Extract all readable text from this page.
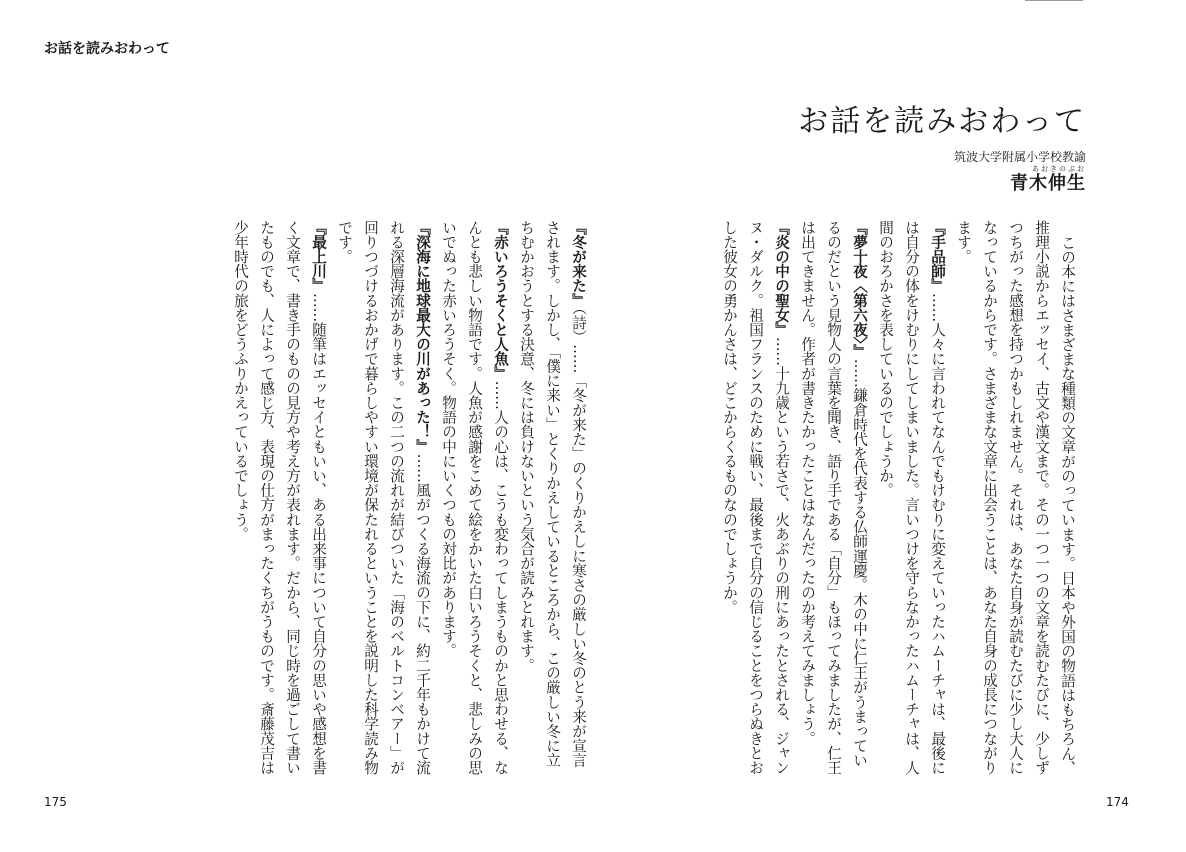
お話を読みおわって
お話を読みおわって
筑波大学附属小学校教諭
あおきのぶお
青木伸生

この本にはさまざまな種類の文章がのっています。日本や外国の物語はもちろん、推理小説からエッセイ、古文や漢文まで。その一つ一つの文章を読むたびに、少しずつちがった感想を持つかもしれません。それは、あなた自身が読むたびに少し大人になっているからです。さまざまな文章に出会うことは、あなた自身の成長につながります。

『手品師』……人々に言われてなんでもけむりに変えていったハムーチャは、最後には自分の体をけむりにしてしまいました。言いつけを守らなかったハムーチャは、人間のおろかさを表しているのでしょうか。

『夢十夜〈第六夜〉』……鎌倉時代を代表する仏師運慶。木の中に仁王がうまっているのだという見物人の言葉を聞き、語り手である「自分」もほってみましたが、仁王は出てきません。作者が書きたかったことはなんだったのか考えてみましょう。

『炎の中の聖女』……十九歳という若さで、火あぶりの刑にあったとされる、ジャンヌ・ダルク。祖国フランスのために戦い、最後まで自分の信じることをつらぬきとおした彼女の勇かんさは、どこからくるものなのでしょうか。

『冬が来た』（詩）……「冬が来た」のくりかえしに寒さの厳しい冬のとう来が宣言されます。しかし、「僕に来い」とくりかえしているところから、この厳しい冬に立ちむかおうとする決意、冬には負けないという気合が読みとれます。

『赤いろうそくと人魚』……人の心は、こうも変わってしまうものかと思わせる、なんとも悲しい物語です。人魚が感謝をこめて絵をかいた白いろうそくと、悲しみの思いでぬった赤いろうそく。物語の中にいくつもの対比があります。

『深海に地球最大の川があった！』……風がつくる海流の下に、約二千年もかけて流れる深層海流があります。この二つの流れが結びついた「海のベルトコンベアー」が回りつづけるおかげで暮らしやすい環境が保たれるということを説明した科学読み物です。

『最上川』……随筆はエッセイともいい、ある出来事について自分の思いや感想を書く文章で、書き手のものの見方や考え方が表れます。だから、同じ時を過ごして書いたものでも、人によって感じ方、表現の仕方がまったくちがうものです。斎藤茂吉は少年時代の旅をどうふりかえっているでしょう。

175	174
